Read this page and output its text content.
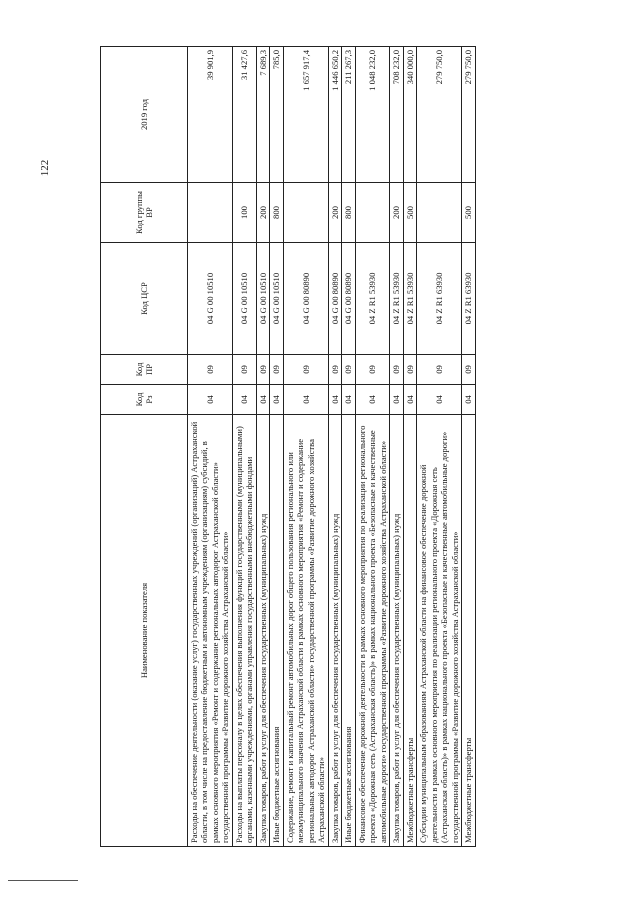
122
Наименование показателя	Код Рз	Код ПР	Код ЦСР	Код группы ВР	2019 год
Расходы на обеспечение деятельности (оказание услуг) государственных учреждений (организаций) Астраханской области, в том числе на предоставление бюджетным и автономным учреждениям (организациям) субсидий, в рамках основного мероприятия «Ремонт и содержание региональных автодорог Астраханской области» государственной программы «Развитие дорожного хозяйства Астраханской области»	04	09	04 G 00 10510		39 901,9
Расходы на выплаты персоналу в целях обеспечения выполнения функций государственными (муниципальными) органами, казенными учреждениями, органами управления государственными внебюджетными фондами	04	09	04 G 00 10510	100	31 427,6
Закупка товаров, работ и услуг для обеспечения государственных (муниципальных) нужд	04	09	04 G 00 10510	200	7 689,3
Иные бюджетные ассигнования	04	09	04 G 00 10510	800	785,0
Содержание, ремонт и капитальный ремонт автомобильных дорог общего пользования регионального или межмуниципального значения Астраханской области в рамках основного мероприятия «Ремонт и содержание региональных автодорог Астраханской области» государственной программы «Развитие дорожного хозяйства Астраханской области»	04	09	04 G 00 80890		1 657 917,4
Закупка товаров, работ и услуг для обеспечения государственных (муниципальных) нужд	04	09	04 G 00 80890	200	1 446 650,2
Иные бюджетные ассигнования	04	09	04 G 00 80890	800	211 267,3
Финансовое обеспечение дорожной деятельности в рамках основного мероприятия по реализации регионального проекта «Дорожная сеть (Астраханская область)» в рамках национального проекта «Безопасные и качественные автомобильные дороги» государственной программы «Развитие дорожного хозяйства Астраханской области»	04	09	04 Z R1 53930		1 048 232,0
Закупка товаров, работ и услуг для обеспечения государственных (муниципальных) нужд	04	09	04 Z R1 53930	200	708 232,0
Межбюджетные трансферты	04	09	04 Z R1 53930	500	340 000,0
Субсидии муниципальным образованиям Астраханской области на финансовое обеспечение дорожной деятельности в рамках основного мероприятия по реализации регионального проекта «Дорожная сеть (Астраханская область)» в рамках национального проекта «Безопасные и качественные автомобильные дороги» государственной программы «Развитие дорожного хозяйства Астраханской области»	04	09	04 Z R1 63930		279 750,0
Межбюджетные трансферты	04	09	04 Z R1 63930	500	279 750,0
